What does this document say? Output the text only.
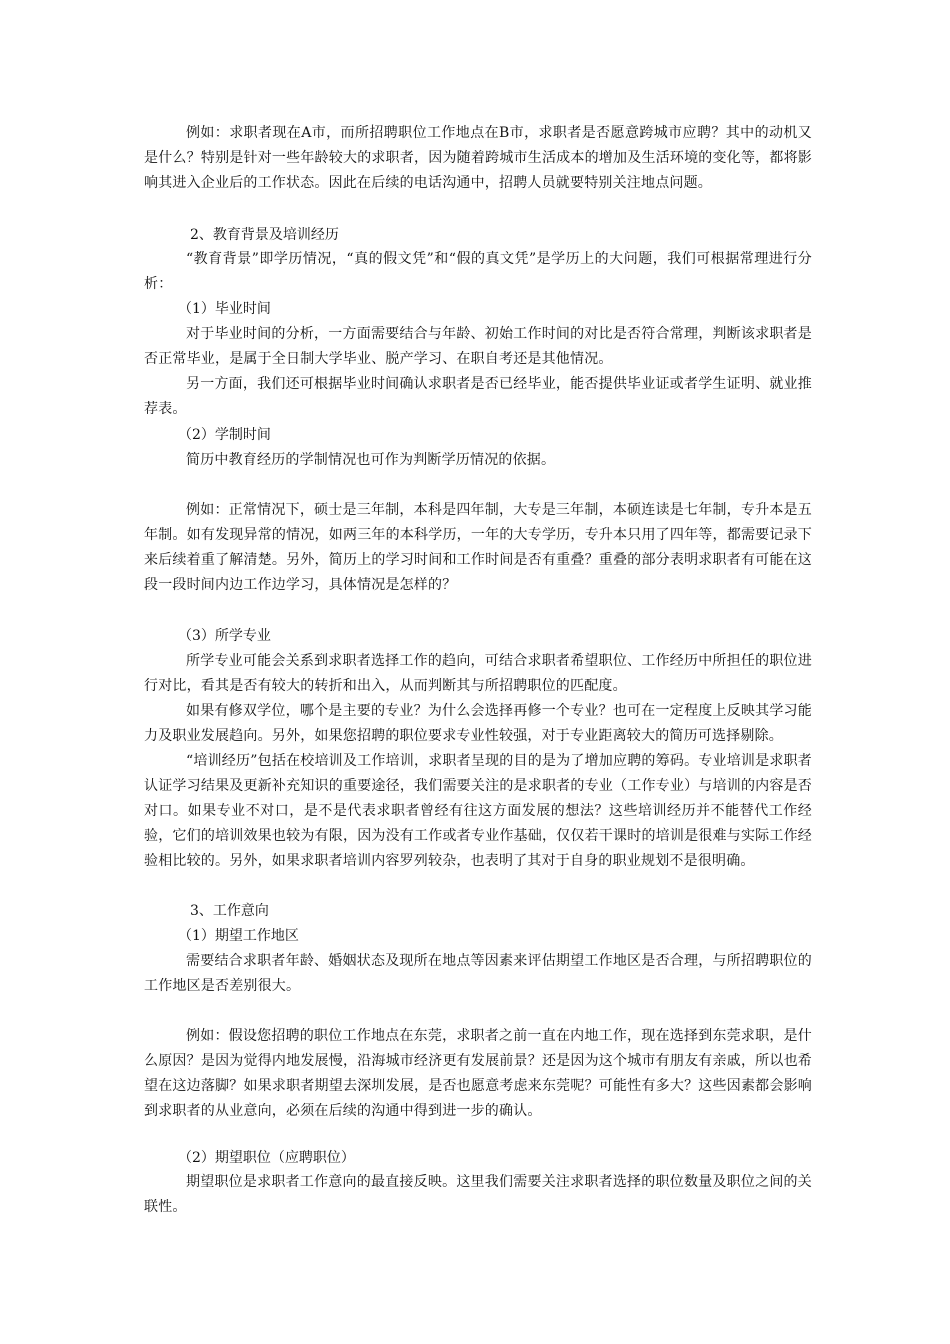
例如：求职者现在A市，而所招聘职位工作地点在B市，求职者是否愿意跨城市应聘？其中的动机又是什么？特别是针对一些年龄较大的求职者，因为随着跨城市生活成本的增加及生活环境的变化等，都将影响其进入企业后的工作状态。因此在后续的电话沟通中，招聘人员就要特别关注地点问题。

2、教育背景及培训经历

“教育背景”即学历情况，“真的假文凭”和“假的真文凭”是学历上的大问题，我们可根据常理进行分析：

（1）毕业时间

对于毕业时间的分析，一方面需要结合与年龄、初始工作时间的对比是否符合常理，判断该求职者是否正常毕业，是属于全日制大学毕业、脱产学习、在职自考还是其他情况。

另一方面，我们还可根据毕业时间确认求职者是否已经毕业，能否提供毕业证或者学生证明、就业推荐表。

（2）学制时间

简历中教育经历的学制情况也可作为判断学历情况的依据。

例如：正常情况下，硕士是三年制，本科是四年制，大专是三年制，本硕连读是七年制，专升本是五年制。如有发现异常的情况，如两三年的本科学历，一年的大专学历，专升本只用了四年等，都需要记录下来后续着重了解清楚。另外，简历上的学习时间和工作时间是否有重叠？重叠的部分表明求职者有可能在这段一段时间内边工作边学习，具体情况是怎样的？

（3）所学专业

所学专业可能会关系到求职者选择工作的趋向，可结合求职者希望职位、工作经历中所担任的职位进行对比，看其是否有较大的转折和出入，从而判断其与所招聘职位的匹配度。

如果有修双学位，哪个是主要的专业？为什么会选择再修一个专业？也可在一定程度上反映其学习能力及职业发展趋向。另外，如果您招聘的职位要求专业性较强，对于专业距离较大的简历可选择剔除。

“培训经历”包括在校培训及工作培训，求职者呈现的目的是为了增加应聘的筹码。专业培训是求职者认证学习结果及更新补充知识的重要途径，我们需要关注的是求职者的专业（工作专业）与培训的内容是否对口。如果专业不对口，是不是代表求职者曾经有往这方面发展的想法？这些培训经历并不能替代工作经验，它们的培训效果也较为有限，因为没有工作或者专业作基础，仅仅若干课时的培训是很难与实际工作经验相比较的。另外，如果求职者培训内容罗列较杂，也表明了其对于自身的职业规划不是很明确。

3、工作意向

（1）期望工作地区

需要结合求职者年龄、婚姻状态及现所在地点等因素来评估期望工作地区是否合理，与所招聘职位的工作地区是否差别很大。

例如：假设您招聘的职位工作地点在东莞，求职者之前一直在内地工作，现在选择到东莞求职，是什么原因？是因为觉得内地发展慢，沿海城市经济更有发展前景？还是因为这个城市有朋友有亲戚，所以也希望在这边落脚？如果求职者期望去深圳发展，是否也愿意考虑来东莞呢？可能性有多大？这些因素都会影响到求职者的从业意向，必须在后续的沟通中得到进一步的确认。

（2）期望职位（应聘职位）

期望职位是求职者工作意向的最直接反映。这里我们需要关注求职者选择的职位数量及职位之间的关联性。
